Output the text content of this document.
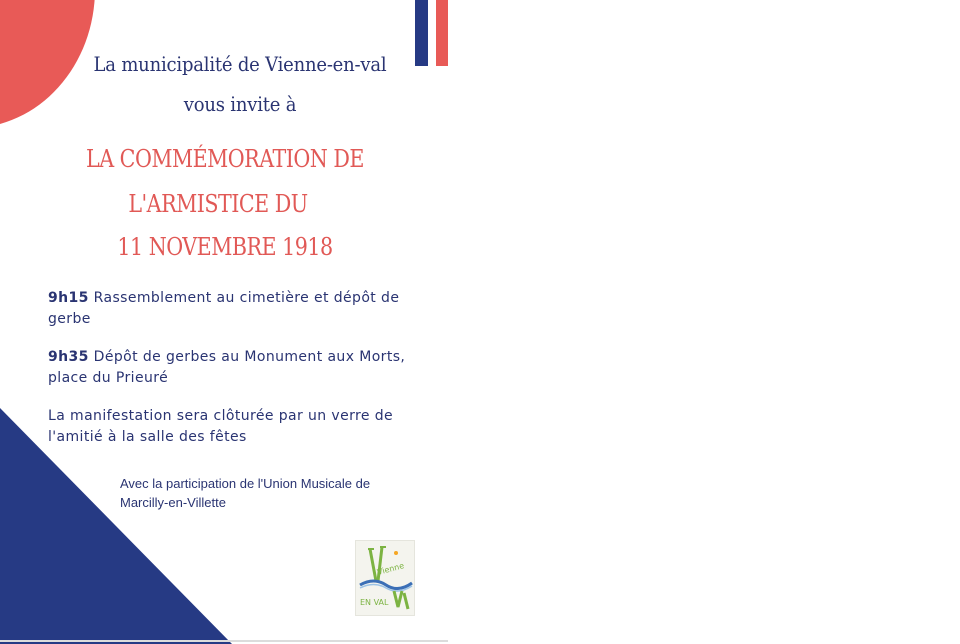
La municipalité de Vienne-en-val
vous invite à
LA COMMÉMORATION DE
L'ARMISTICE DU
11 NOVEMBRE 1918
9h15 Rassemblement au cimetière et dépôt de gerbe
9h35 Dépôt de gerbes au Monument aux Morts, place du Prieuré
La manifestation sera clôturée par un verre de l'amitié à la salle des fêtes
Avec la participation de l'Union Musicale de Marcilly-en-Villette
Vienne
EN VAL
